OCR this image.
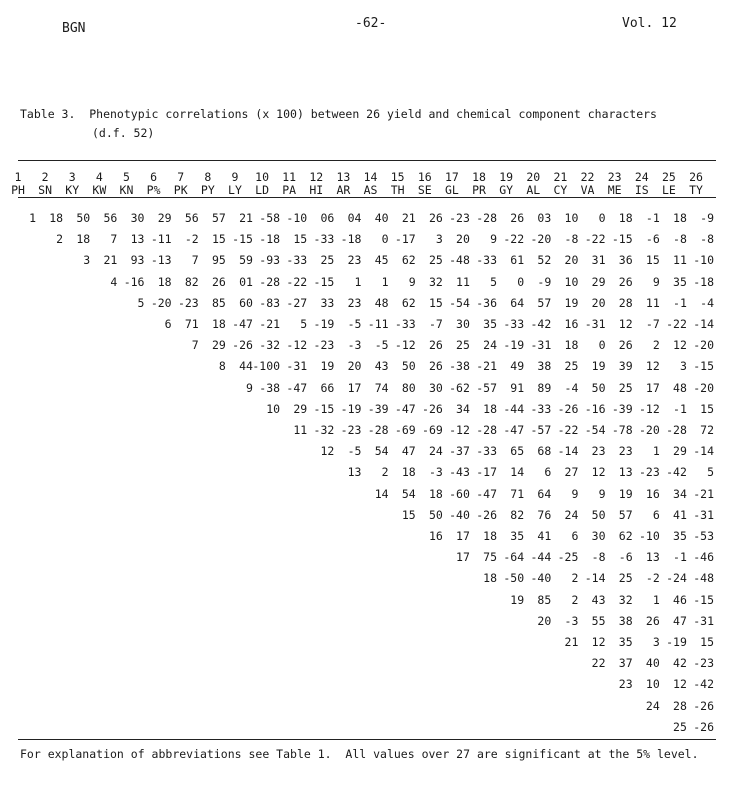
BGN	-62-	Vol. 12
Table 3.  Phenotypic correlations (x 100) between 26 yield and chemical component characters
(d.f. 52)
1	2	3	4	5	6	7	8	9	10	11	12	13	14	15	16	17	18	19	20	21	22	23	24	25	26
PH	SN	KY	KW	KN	P%	PK	PY	LY	LD	PA	HI	AR	AS	TH	SE	GL	PR	GY	AL	CY	VA	ME	IS	LE	TY
1	18	50	56	30	29	56	57	21 -58 -10	06	04	40	21	26 -23 -28	26	03	10	0	18	-1	18	-9
2	18	7	13 -11	-2	15 -15 -18	15 -33 -18	0 -17	3	20	9 -22 -20	-8 -22 -15	-6	-8	-8
3	21	93 -13	7	95	59 -93 -33	25	23	45	62	25 -48 -33	61	52	20	31	36	15	11 -10
4 -16	18	82	26	01 -28 -22 -15	1	1	9	32	11	5	0	-9	10	29	26	9	35 -18
5 -20 -23	85	60 -83 -27	33	23	48	62	15 -54 -36	64	57	19	20	28	11	-1	-4
6	71	18 -47 -21	5 -19	-5 -11 -33	-7	30	35 -33 -42	16 -31	12	-7 -22 -14
7	29 -26 -32 -12 -23	-3	-5 -12	26	25	24 -19 -31	18	0	26	2	12 -20
8	44 -100 -31	19	20	43	50	26 -38 -21	49	38	25	19	39	12	3 -15
9 -38 -47	66	17	74	80	30 -62 -57	91	89	-4	50	25	17	48 -20
10	29 -15 -19 -39 -47 -26	34	18 -44 -33 -26 -16 -39 -12	-1	15
11 -32 -23 -28 -69 -69 -12 -28 -47 -57 -22 -54 -78 -20 -28	72
12	-5	54	47	24 -37 -33	65	68 -14	23	23	1	29 -14
13	2	18	-3 -43 -17	14	6	27	12	13 -23 -42	5
14	54	18 -60 -47	71	64	9	9	19	16	34 -21
15	50 -40 -26	82	76	24	50	57	6	41 -31
16	17	18	35	41	6	30	62 -10	35 -53
17	75 -64 -44 -25	-8	-6	13	-1 -46
18 -50 -40	2 -14	25	-2 -24 -48
19	85	2	43	32	1	46 -15
20	-3	55	38	26	47 -31
21	12	35	3 -19	15
22	37	40	42 -23
23	10	12 -42
24	28 -26
25 -26
For explanation of abbreviations see Table 1.  All values over 27 are significant at the 5% level.
